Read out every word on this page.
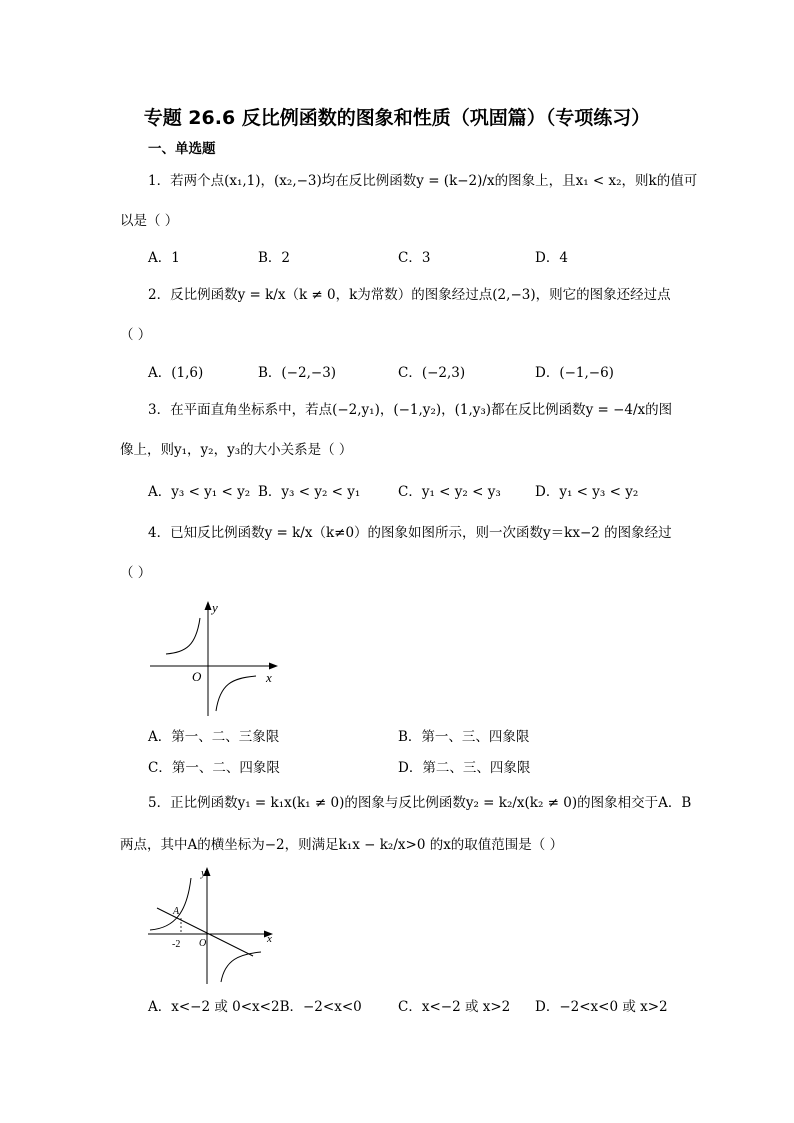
专题 26.6 反比例函数的图象和性质（巩固篇）（专项练习）
一、单选题
1．若两个点(x₁,1)，(x₂,−3)均在反比例函数y = (k−2)/x的图象上，且x₁ < x₂，则k的值可
以是（ ）
A．1	B．2	C．3	D．4
2．反比例函数y = k/x（k ≠ 0，k为常数）的图象经过点(2,−3)，则它的图象还经过点
（ ）
A．(1,6)	B．(−2,−3)	C．(−2,3)	D．(−1,−6)
3．在平面直角坐标系中，若点(−2,y₁)，(−1,y₂)，(1,y₃)都在反比例函数y = −4/x的图
像上，则y₁，y₂，y₃的大小关系是（ ）
A．y₃ < y₁ < y₂ B．y₃ < y₂ < y₁	C．y₁ < y₂ < y₃	D．y₁ < y₃ < y₂
4．已知反比例函数y = k/x（k≠0）的图象如图所示，则一次函数y＝kx−2 的图象经过
（ ）
y
x
O
A．第一、二、三象限	B．第一、三、四象限
C．第一、二、四象限	D．第二、三、四象限
5．正比例函数y₁ = k₁x(k₁ ≠ 0)的图象与反比例函数y₂ = k₂/x(k₂ ≠ 0)的图象相交于A．B
两点，其中A的横坐标为−2，则满足k₁x − k₂/x>0 的x的取值范围是（ ）
A
-2 O	x
y
A．x<−2 或 0<x<2B．−2<x<0	C．x<−2 或 x>2 D．−2<x<0 或 x>2
